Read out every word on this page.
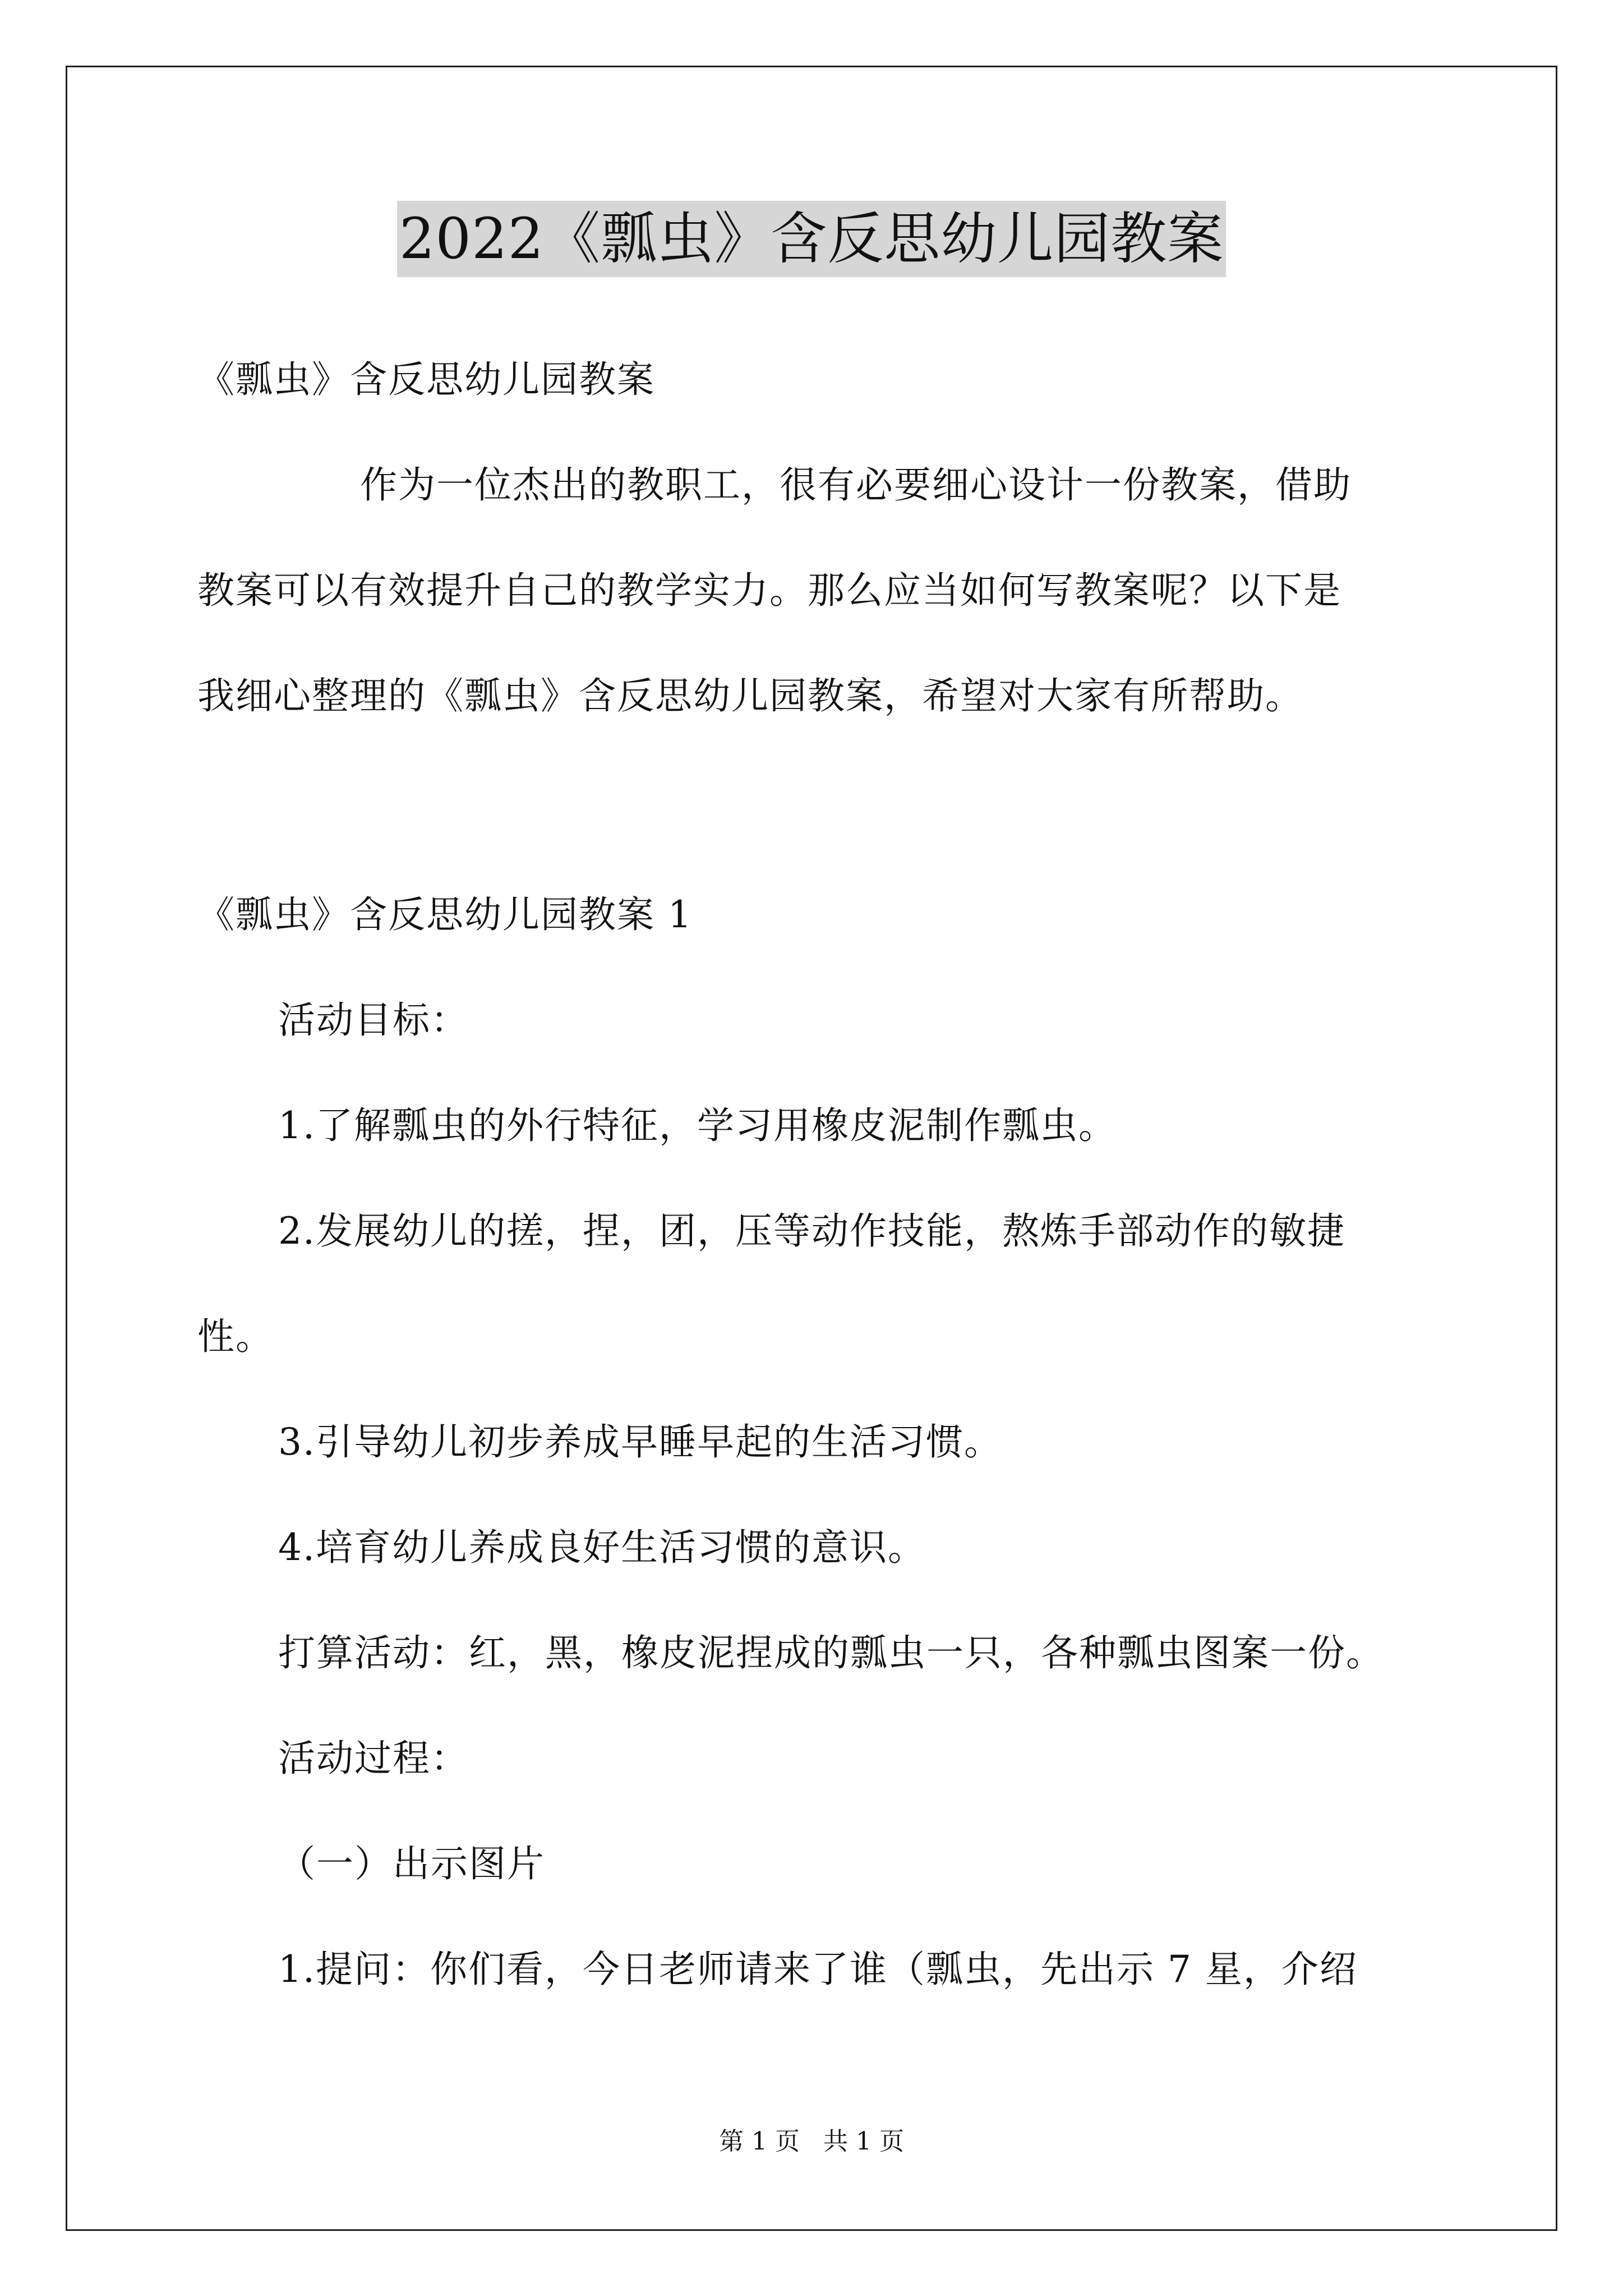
2022《瓢虫》含反思幼儿园教案
《瓢虫》含反思幼儿园教案
作为一位杰出的教职工，很有必要细心设计一份教案，借助
教案可以有效提升自己的教学实力。那么应当如何写教案呢？以下是
我细心整理的《瓢虫》含反思幼儿园教案，希望对大家有所帮助。
《瓢虫》含反思幼儿园教案 1
活动目标：
1.了解瓢虫的外行特征，学习用橡皮泥制作瓢虫。
2.发展幼儿的搓，捏，团，压等动作技能，熬炼手部动作的敏捷
性。
3.引导幼儿初步养成早睡早起的生活习惯。
4.培育幼儿养成良好生活习惯的意识。
打算活动：红，黑，橡皮泥捏成的瓢虫一只，各种瓢虫图案一份。
活动过程：
（一）出示图片
1.提问：你们看，今日老师请来了谁（瓢虫，先出示 7 星，介绍
第 1 页   共 1 页
